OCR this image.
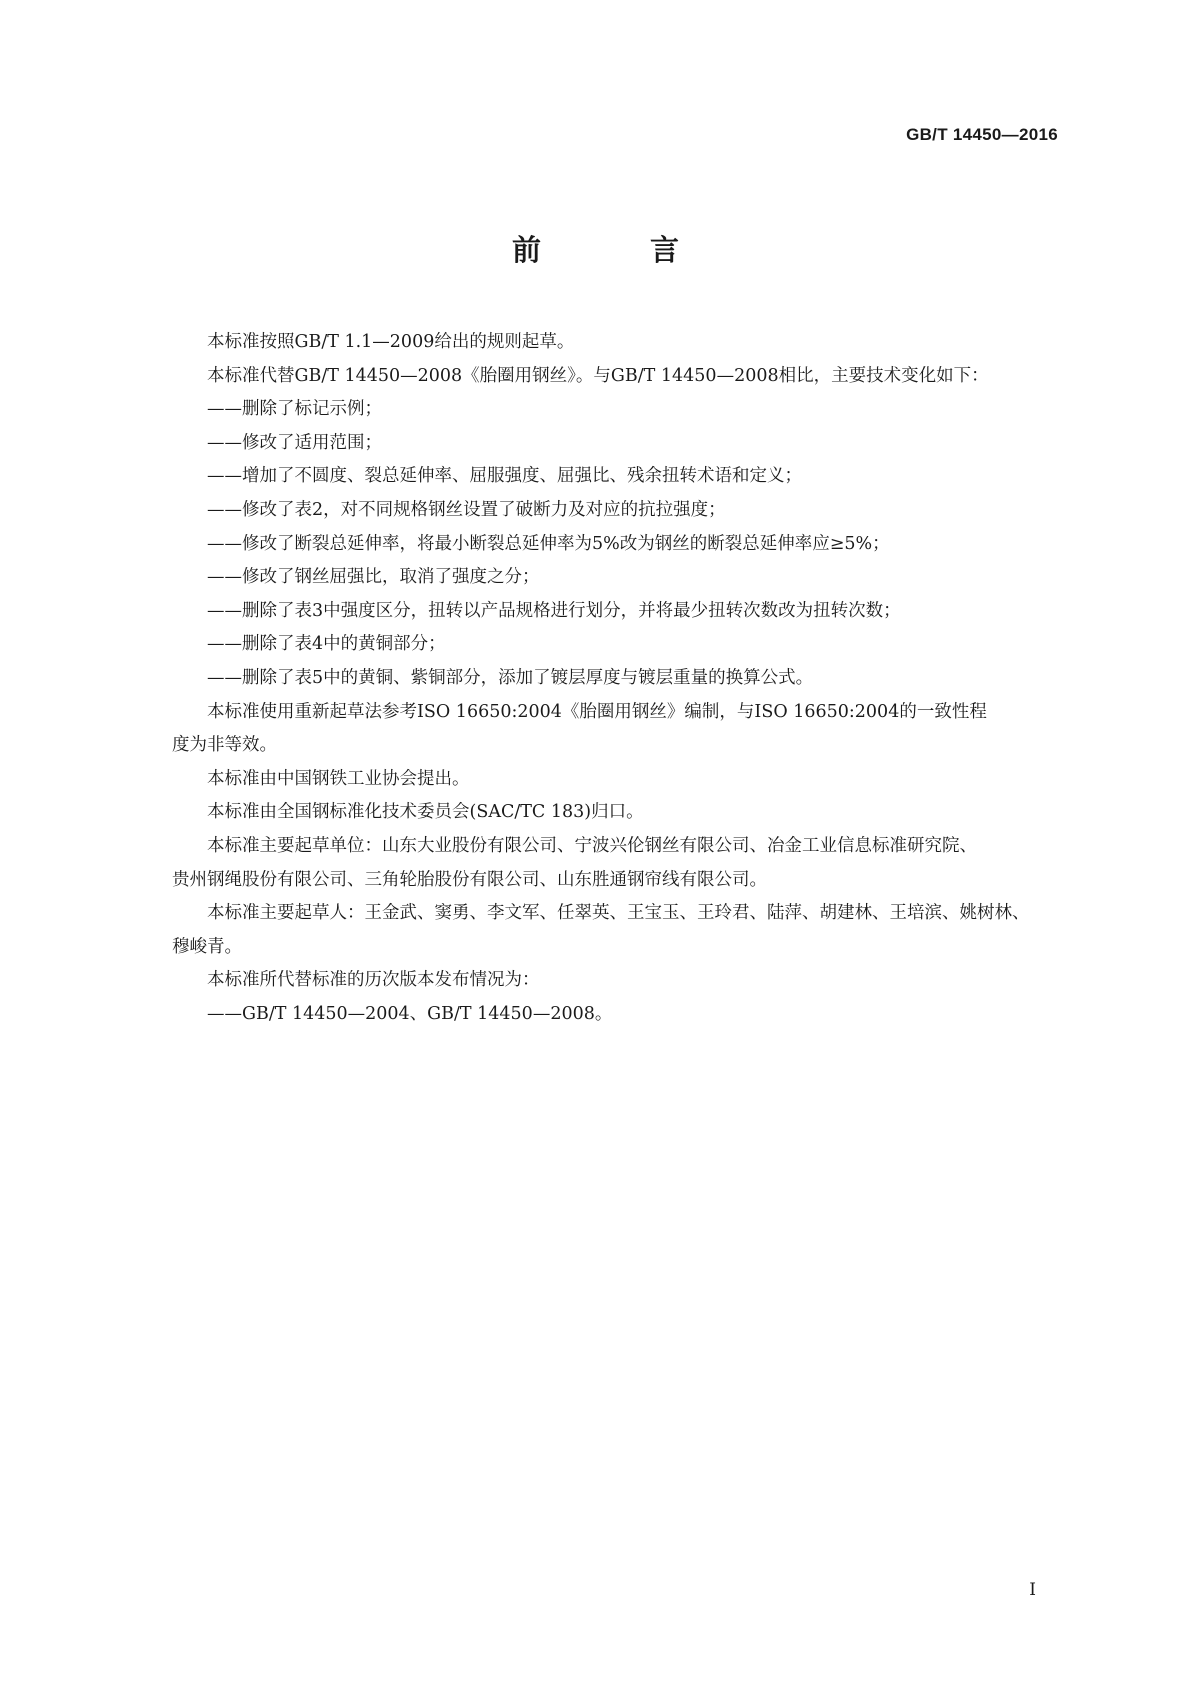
GB/T 14450—2016
前　言

本标准按照GB/T 1.1—2009给出的规则起草。

本标准代替GB/T 14450—2008《胎圈用钢丝》。与GB/T 14450—2008相比，主要技术变化如下：

——删除了标记示例；

——修改了适用范围；

——增加了不圆度、裂总延伸率、屈服强度、屈强比、残余扭转术语和定义；

——修改了表2，对不同规格钢丝设置了破断力及对应的抗拉强度；

——修改了断裂总延伸率，将最小断裂总延伸率为5%改为钢丝的断裂总延伸率应≥5%；

——修改了钢丝屈强比，取消了强度之分；

——删除了表3中强度区分，扭转以产品规格进行划分，并将最少扭转次数改为扭转次数；

——删除了表4中的黄铜部分；

——删除了表5中的黄铜、紫铜部分，添加了镀层厚度与镀层重量的换算公式。

本标准使用重新起草法参考ISO 16650:2004《胎圈用钢丝》编制，与ISO 16650:2004的一致性程

度为非等效。

本标准由中国钢铁工业协会提出。

本标准由全国钢标准化技术委员会(SAC/TC 183)归口。

本标准主要起草单位：山东大业股份有限公司、宁波兴伦钢丝有限公司、冶金工业信息标准研究院、

贵州钢绳股份有限公司、三角轮胎股份有限公司、山东胜通钢帘线有限公司。

本标准主要起草人：王金武、窦勇、李文军、任翠英、王宝玉、王玲君、陆萍、胡建林、王培滨、姚树林、

穆峻青。

本标准所代替标准的历次版本发布情况为：

——GB/T 14450—2004、GB/T 14450—2008。

I
